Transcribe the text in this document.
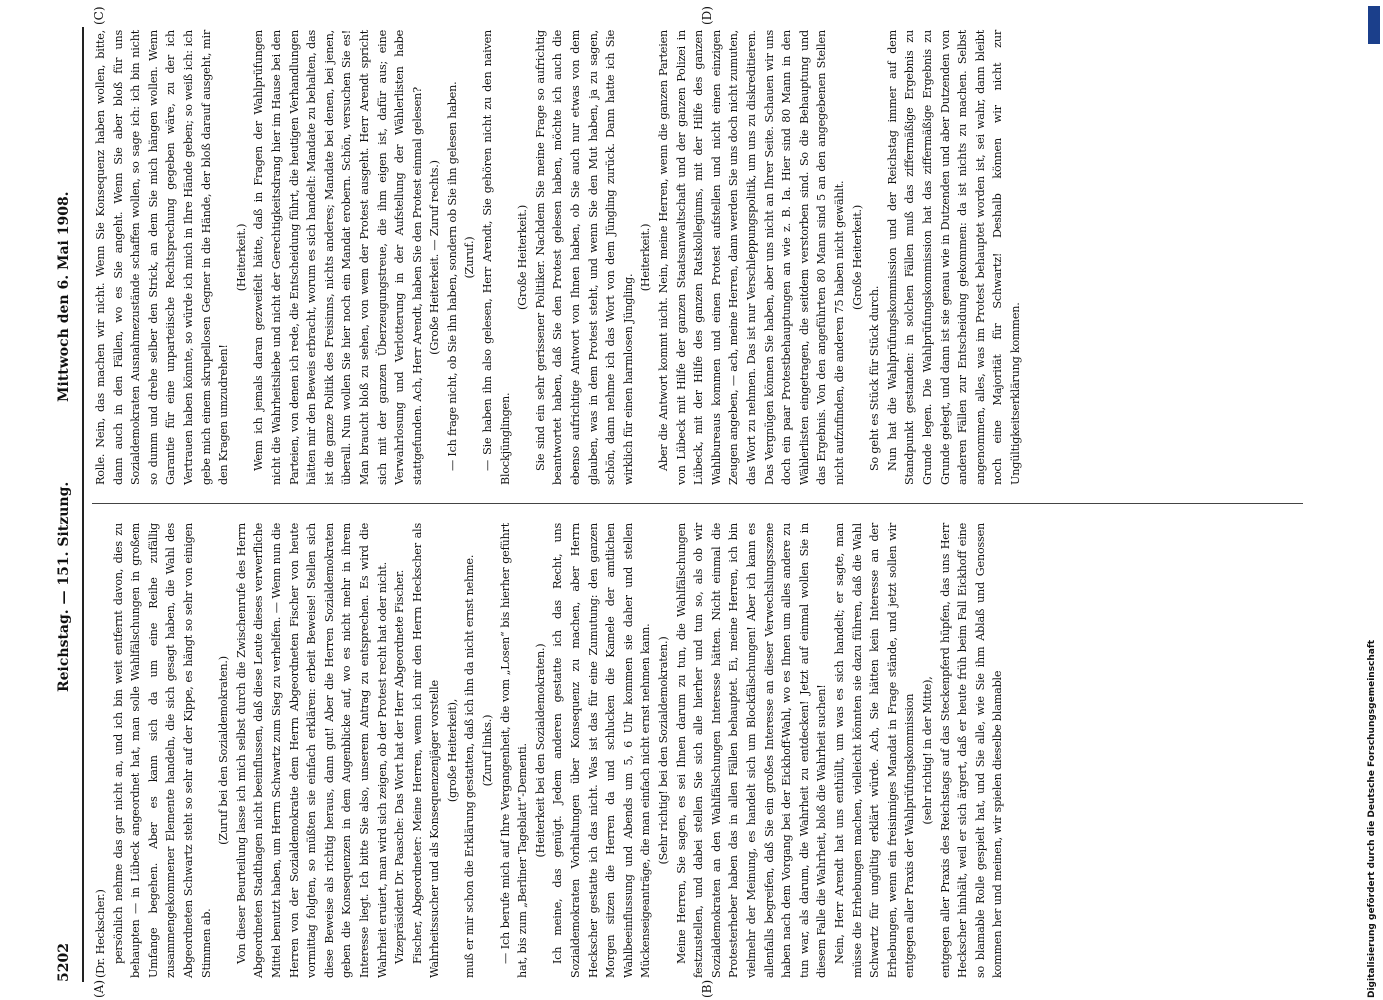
5202
Reichstag. — 151. Sitzung.
Mittwoch den 6. Mai 1908.
(A)	(B)
(C)	(D)

(Dr. Heckscher.) persönlich nehme das gar nicht an, und ich bin weit entfernt davon, dies zu behaupten — in Lübeck angeordnet hat, man solle Wahlfälschungen in großem Umfange begehen. Aber es kann sich da um eine Reihe zufällig zusammengekommener Elemente handeln, die sich gesagt haben, die Wahl des Abgeordneten Schwartz steht so sehr auf der Kippe, es hängt so sehr von einigen Stimmen ab.

(Zuruf bei den Sozialdemokraten.) Von dieser Beurteilung lasse ich mich selbst durch die Zwischenrufe des Herrn Abgeordneten Stadthagen nicht beeinflussen, daß diese Leute dieses verwerfliche Mittel benutzt haben, um Herrn Schwartz zum Sieg zu verhelfen. — Wenn nun die Herren von der Sozialdemokratie dem Herrn Abgeordneten Fischer von heute vormittag folgten, so müßten sie einfach erklären: erbeit Beweise! Stellen sich diese Beweise als richtig heraus, dann gut! Aber die Herren Sozialdemokraten geben die Konsequenzen in dem Augenblicke auf, wo es nicht mehr in ihrem Interesse liegt. Ich bitte Sie also, unserem Antrag zu entsprechen. Es wird die Wahrheit eruiert, man wird sich zeigen, ob der Protest recht hat oder nicht. Vizepräsident Dr. Paasche: Das Wort hat der Herr Abgeordnete Fischer. Fischer, Abgeordneter: Meine Herren, wenn ich mir den Herrn Heckscher als Wahrheitssucher und als Konsequenzenjäger vorstelle (große Heiterkeit), muß er mir schon die Erklärung gestatten, daß ich ihn da nicht ernst nehme. (Zuruf links.) — Ich berufe mich auf Ihre Vergangenheit, die vom „Losen“ bis hierher geführt hat, bis zum „Berliner Tageblatt“-Dementi. (Heiterkeit bei den Sozialdemokraten.) Ich meine, das genügt. Jedem anderen gestatte ich das Recht, uns Sozialdemokraten Vorhaltungen über Konsequenz zu machen, aber Herrn Heckscher gestatte ich das nicht. Was ist das für eine Zumutung: den ganzen Morgen sitzen die Herren da und schlucken die Kamele der amtlichen Wahlbeeinflussung und Abends um 5, 6 Uhr kommen sie daher und stellen Mückenseigeanträge, die man einfach nicht ernst nehmen kann. (Sehr richtig! bei den Sozialdemokraten.) Meine Herren, Sie sagen, es sei Ihnen darum zu tun, die Wahlfälschungen festzustellen, und dabei stellen Sie sich alle hierher und tun so, als ob wir Sozialdemokraten an den Wahlfälschungen Interesse hätten. Nicht einmal die Protesterheber haben das in allen Fällen behauptet. Ei, meine Herren, ich bin vielmehr der Meinung, es handelt sich um Blockfälschungen! Aber ich kann es allenfalls begreifen, daß Sie ein großes Interesse an dieser Verwechslungsszene haben nach dem Vorgang bei der Eickhoff-Wahl, wo es Ihnen um alles andere zu tun war, als darum, die Wahrheit zu entdecken! Jetzt auf einmal wollen Sie in diesem Falle die Wahrheit, bloß die Wahrheit suchen! Nein, Herr Arendt hat uns enthüllt, um was es sich handelt; er sagte, man müsse die Erhebungen machen, vielleicht könnten sie dazu führen, daß die Wahl Schwartz für ungültig erklärt würde. Ach, Sie hätten kein Interesse an der Erhebungen, wenn ein freisinniges Mandat in Frage stände, und jetzt sollen wir entgegen aller Praxis der Wahlprüfungskommission (sehr richtig! in der Mitte), entgegen aller Praxis des Reichstags auf das Steckenpferd hüpfen, das uns Herr Heckscher hinhält, weil er sich ärgert, daß er heute früh beim Fall Eickhoff eine so blamable Rolle gespielt hat, und Sie alle, wie Sie ihm Ablaß und Genossen kommen her und meinen, wir spielen dieselbe blamable

Rolle. Nein, das machen wir nicht. Wenn Sie Konsequenz haben wollen, bitte, dann auch in den Fällen, wo es Sie angeht. Wenn Sie aber bloß für uns Sozialdemokraten Ausnahmezustände schaffen wollen, so sage ich: ich bin nicht so dumm und drehe selber den Strick, an dem Sie mich hängen wollen. Wenn Garantie für eine unparteiische Rechtsprechung gegeben wäre, zu der ich Vertrauen haben könnte, so würde ich mich in Ihre Hände geben; so weiß ich: ich gebe mich einem skrupellosen Gegner in die Hände, der bloß darauf ausgeht, mir den Kragen umzudrehen!

(Heiterkeit.) Wenn ich jemals daran gezweifelt hätte, daß in Fragen der Wahlprüfungen nicht die Wahrheitsliebe und nicht der Gerechtigkeitsdrang hier im Hause bei den Parteien, von denen ich rede, die Entscheidung führt, die heutigen Verhandlungen hätten mir den Beweis erbracht, worum es sich handelt: Mandate zu behalten, das ist die ganze Politik des Freisinns, nichts anderes; Mandate bei denen, bei jenen, überall. Nun wollen Sie hier noch ein Mandat erobern. Schön, versuchen Sie es! Man braucht bloß zu sehen, von wem der Protest ausgeht. Herr Arendt spricht sich mit der ganzen Überzeugungstreue, die ihm eigen ist, dafür aus; eine Verwahrlosung und Verlotterung in der Aufstellung der Wählerlisten habe stattgefunden. Ach, Herr Arendt, haben Sie den Protest einmal gelesen? (Große Heiterkeit. — Zuruf rechts.) — Ich frage nicht, ob Sie ihn haben, sondern ob Sie ihn gelesen haben. (Zuruf.) — Sie haben ihn also gelesen, Herr Arendt, Sie gehören nicht zu den naiven Blockjünglingen.

(Große Heiterkeit.) Sie sind ein sehr gerissener Politiker. Nachdem Sie meine Frage so aufrichtig beantwortet haben, daß Sie den Protest gelesen haben, möchte ich auch die ebenso aufrichtige Antwort von Ihnen haben, ob Sie auch nur etwas von dem glauben, was in dem Protest steht, und wenn Sie den Mut haben, ja zu sagen, schön, dann nehme ich das Wort von dem Jüngling zurück. Dann hatte ich Sie wirklich für einen harmlosen Jüngling.

(Heiterkeit.) Aber die Antwort kommt nicht. Nein, meine Herren, wenn die ganzen Parteien von Lübeck mit Hilfe der ganzen Staatsanwaltschaft und der ganzen Polizei in Lübeck, mit der Hilfe des ganzen Ratskollegiums, mit der Hilfe des ganzen Wahlbureaus kommen und einen Protest aufstellen und nicht einen einzigen Zeugen angeben, — ach, meine Herren, dann werden Sie uns doch nicht zumuten, das Wort zu nehmen. Das ist nur Verschleppungspolitik, um uns zu diskreditieren. Das Vergnügen können Sie haben, aber uns nicht an Ihrer Seite. Schauen wir uns doch ein paar Protestbehauptungen an wie z. B. Ia. Hier sind 80 Mann in den Wählerlisten eingetragen, die seitdem verstorben sind. So die Behauptung und das Ergebnis. Von den angeführten 80 Mann sind 5 an den angegebenen Stellen nicht aufzufinden, die anderen 75 haben nicht gewählt. (Große Heiterkeit.)

So geht es Stück für Stück durch. Nun hat die Wahlprüfungskommission und der Reichstag immer auf dem Standpunkt gestanden: in solchen Fällen muß das ziffermäßige Ergebnis zu Grunde legen. Die Wahlprüfungskommission hat das ziffermäßige Ergebnis zu Grunde gelegt, und dann ist sie genau wie in Dutzenden und aber Dutzenden von anderen Fällen zur Entscheidung gekommen: da ist nichts zu machen. Selbst angenommen, alles, was im Protest behauptet worden ist, sei wahr, dann bleibt noch eine Majorität für Schwartz! Deshalb können wir nicht zur Ungültigkeitserklärung kommen.

Digitalisierung gefördert durch die Deutsche Forschungsgemeinschaft
